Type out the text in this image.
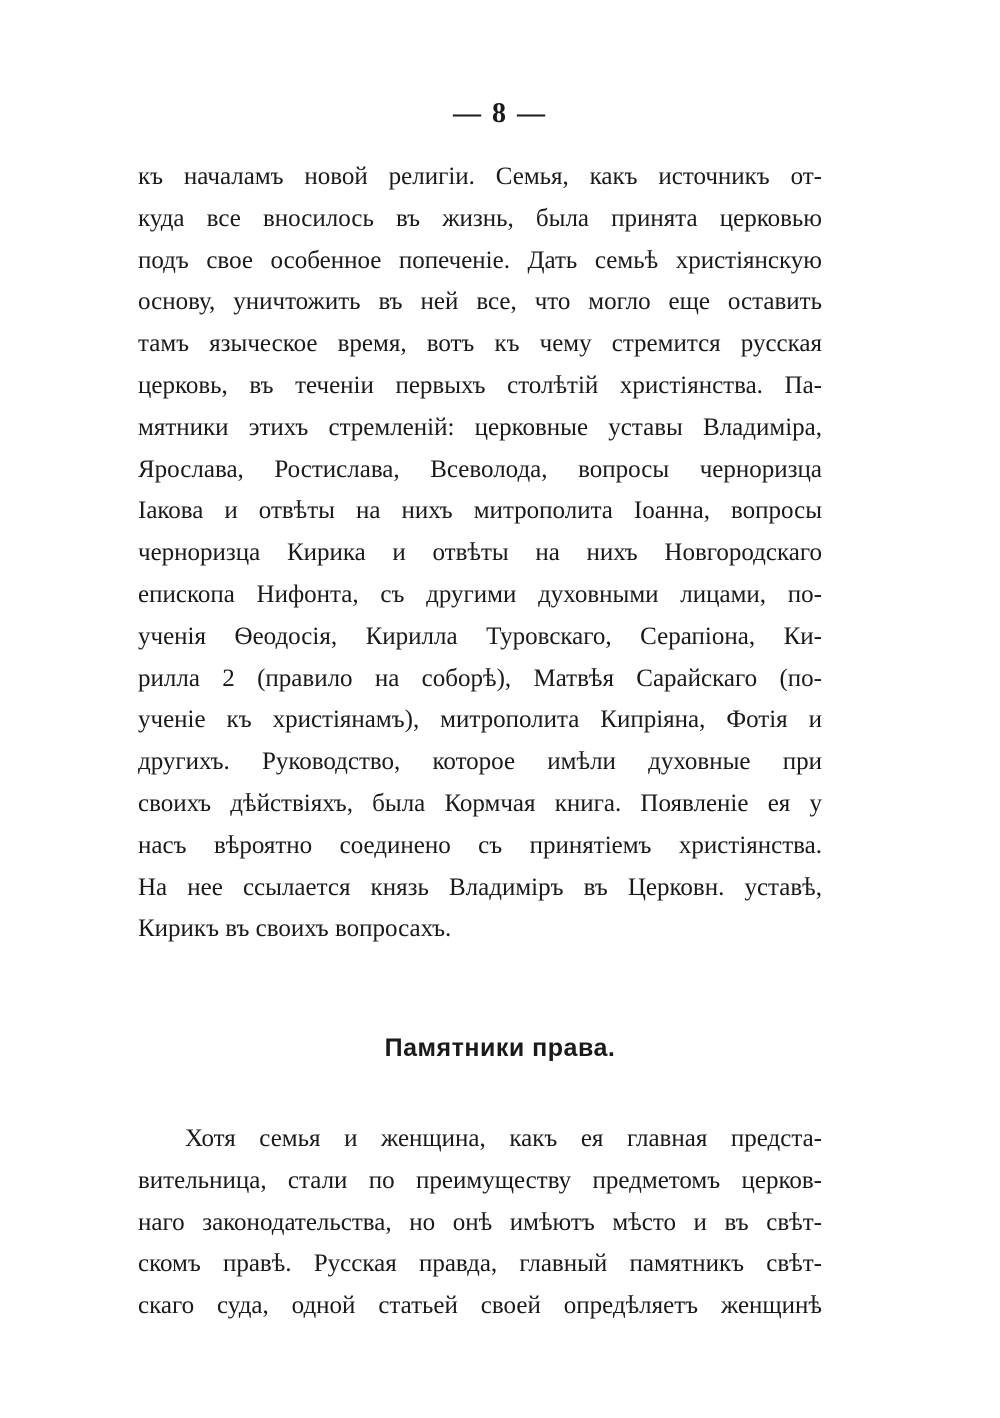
— 8 —
къ началамъ новой религiи. Семья, какъ источникъ от-
куда все вносилось въ жизнь, была принята церковью
подъ свое особенное попеченiе. Дать семьѣ христiянскую
основу, уничтожить въ ней все, что могло еще оставить
тамъ языческое время, вотъ къ чему стремится русская
церковь, въ теченiи первыхъ столѣтiй христiянства. Па-
мятники этихъ стремленiй: церковные уставы Владимiра,
Ярослава, Ростислава, Всеволода, вопросы черноризца
Iакова и отвѣты на нихъ митрополита Iоанна, вопросы
черноризца Кирика и отвѣты на нихъ Новгородскаго
епископа Нифонта, съ другими духовными лицами, по-
ученiя Ѳеодосiя, Кирилла Туровскаго, Серапiона, Ки-
рилла 2 (правило на соборѣ), Матвѣя Сарайскаго (по-
ученiе къ христiянамъ), митрополита Кипрiяна, Фотiя и
другихъ. Руководство, которое имѣли духовные при
своихъ дѣйствiяхъ, была Кормчая книга. Появленiе ея у
насъ вѣроятно соединено съ принятiемъ христiянства.
На нее ссылается князь Владимiръ въ Церковн. уставѣ,
Кирикъ въ своихъ вопросахъ.
Памятники права.
Хотя семья и женщина, какъ ея главная предста-
вительница, стали по преимуществу предметомъ церков-
наго законодательства, но онѣ имѣютъ мѣсто и въ свѣт-
скомъ правѣ. Русская правда, главный памятникъ свѣт-
скаго суда, одной статьей своей опредѣляетъ женщинѣ
